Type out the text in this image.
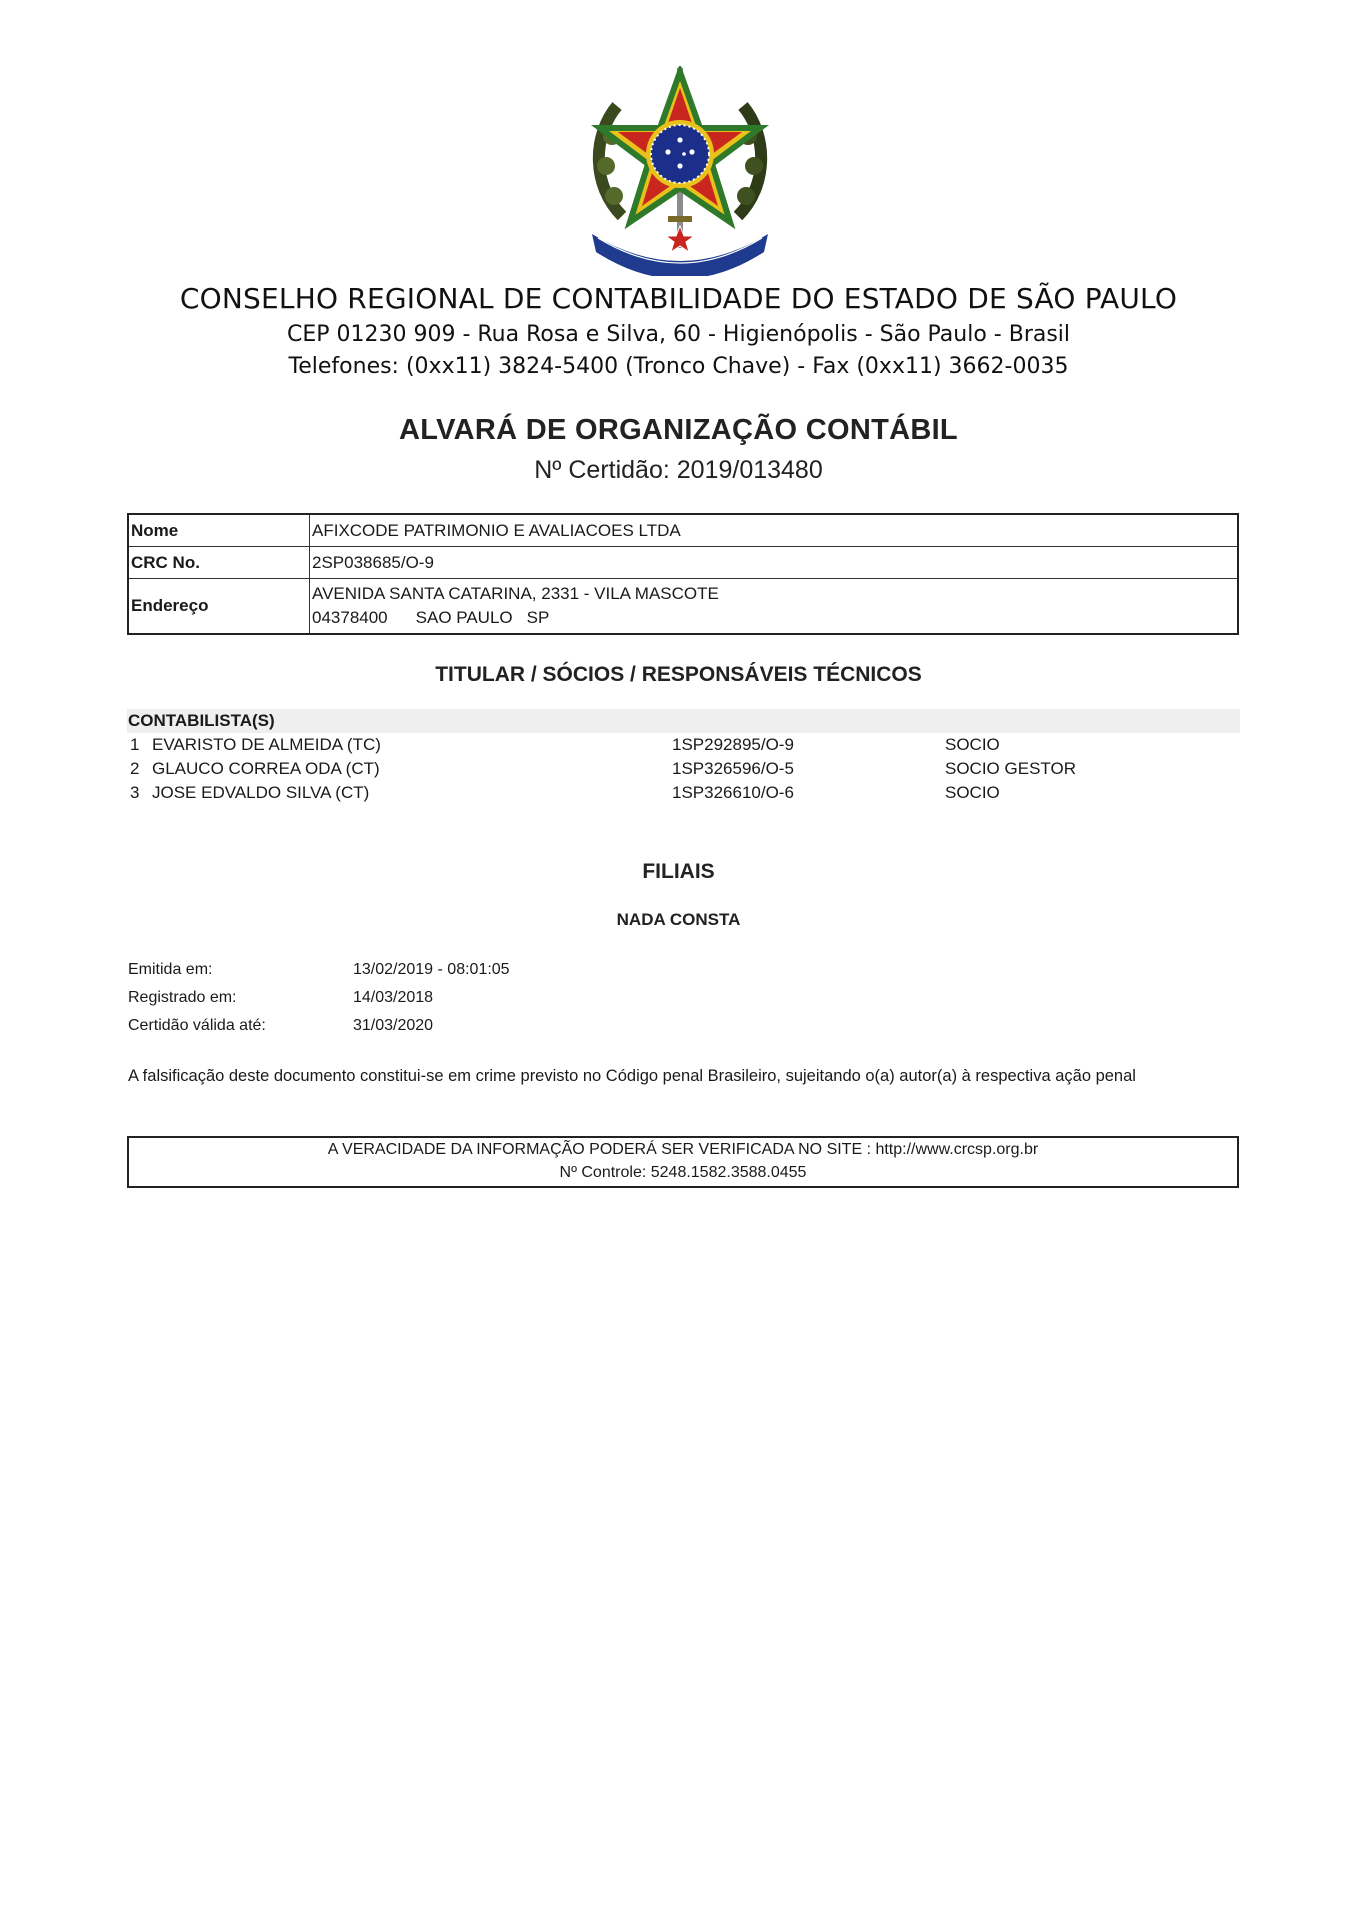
CONSELHO REGIONAL DE CONTABILIDADE DO ESTADO DE SÃO PAULO
CEP 01230 909 - Rua Rosa e Silva, 60 - Higienópolis - São Paulo - Brasil
Telefones: (0xx11) 3824-5400 (Tronco Chave) - Fax (0xx11) 3662-0035
ALVARÁ DE ORGANIZAÇÃO CONTÁBIL
Nº Certidão: 2019/013480
Nome	AFIXCODE PATRIMONIO E AVALIACOES LTDA
CRC No.	2SP038685/O-9
Endereço	AVENIDA SANTA CATARINA, 2331 - VILA MASCOTE
04378400 SAO PAULO SP
TITULAR / SÓCIOS / RESPONSÁVEIS TÉCNICOS
CONTABILISTA(S)
1 EVARISTO DE ALMEIDA (TC)	1SP292895/O-9	SOCIO
2 GLAUCO CORREA ODA (CT)	1SP326596/O-5	SOCIO GESTOR
3 JOSE EDVALDO SILVA (CT)	1SP326610/O-6	SOCIO
FILIAIS
NADA CONSTA
Emitida em:	13/02/2019 - 08:01:05
Registrado em:	14/03/2018
Certidão válida até:	31/03/2020
A falsificação deste documento constitui-se em crime previsto no Código penal Brasileiro, sujeitando o(a) autor(a) à respectiva ação penal
A VERACIDADE DA INFORMAÇÃO PODERÁ SER VERIFICADA NO SITE : http://www.crcsp.org.br
Nº Controle: 5248.1582.3588.0455
